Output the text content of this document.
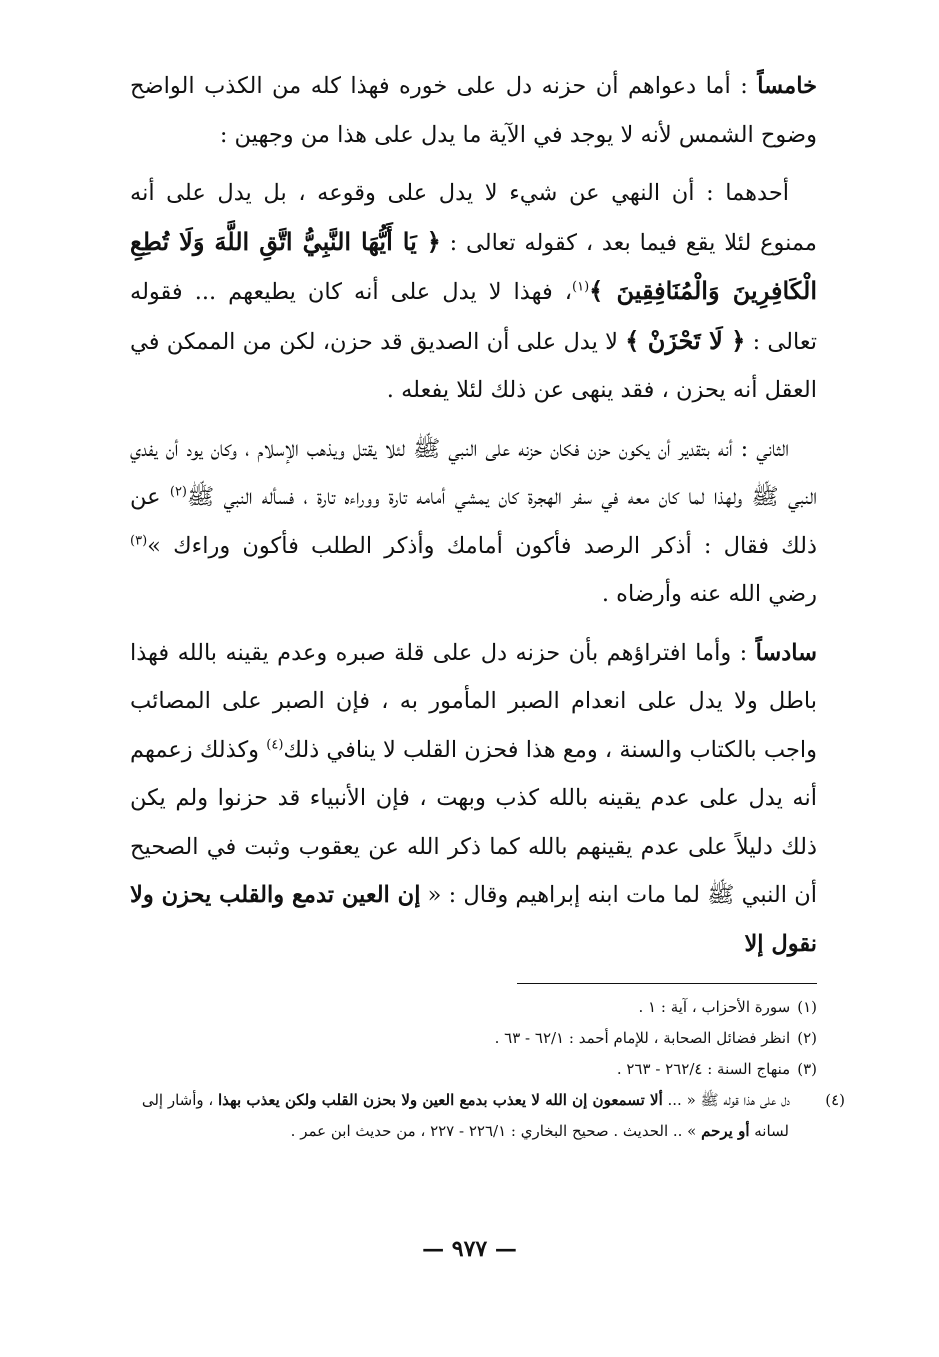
خامساً : أما دعواهم أن حزنه دل على خوره فهذا كله من الكذب الواضح وضوح الشمس لأنه لا يوجد في الآية ما يدل على هذا من وجهين :

أحدهما : أن النهي عن شيء لا يدل على وقوعه ، بل يدل على أنه ممنوع لئلا يقع فيما بعد ، كقوله تعالى : ﴿ يَا أَيُّهَا النَّبِيُّ اتَّقِ اللَّهَ وَلَا تُطِعِ الْكَافِرِينَ وَالْمُنَافِقِينَ ﴾$^{(١)}$، فهذا لا يدل على أنه كان يطيعهم ... فقوله تعالى : ﴿ لَا تَحْزَنْ ﴾ لا يدل على أن الصديق قد حزن، لكن من الممكن في العقل أنه يحزن ، فقد ينهى عن ذلك لئلا يفعله .

الثاني : أنه بتقدير أن يكون حزن فكان حزنه على النبي ﷺ لئلا يقتل ويذهب الإسلام ، وكان يود أن يفدي النبي ﷺ ولهذا لما كان معه في سفر الهجرة كان يمشي أمامه تارة ووراءه تارة ، فسأله النبي ﷺ$^{(٢)}$ عن ذلك فقال : أذكر الرصد فأكون أمامك وأذكر الطلب فأكون وراءك »$^{(٣)}$ رضي الله عنه وأرضاه .

سادساً : وأما افتراؤهم بأن حزنه دل على قلة صبره وعدم يقينه بالله فهذا باطل ولا يدل على انعدام الصبر المأمور به ، فإن الصبر على المصائب واجب بالكتاب والسنة ، ومع هذا فحزن القلب لا ينافي ذلك$^{(٤)}$ وكذلك زعمهم أنه يدل على عدم يقينه بالله كذب وبهت ، فإن الأنبياء قد حزنوا ولم يكن ذلك دليلاً على عدم يقينهم بالله كما ذكر الله عن يعقوب وثبت في الصحيح أن النبي ﷺ لما مات ابنه إبراهيم وقال : « إن العين تدمع والقلب يحزن ولا نقول إلا

(١) سورة الأحزاب ، آية : ١ .

(٢) انظر فضائل الصحابة ، للإمام أحمد : ٦٢/١ - ٦٣ .

(٣) منهاج السنة : ٢٦٢/٤ - ٢٦٣ .

(٤) دل على هذا قوله ﷺ « ... ألا تسمعون إن الله لا يعذب بدمع العين ولا بحزن القلب ولكن يعذب بهذا ، وأشار إلى لسانه أو يرحم » .. الحديث . صحيح البخاري : ٢٢٦/١ - ٢٢٧ ، من حديث ابن عمر .

— ٩٧٧ —
